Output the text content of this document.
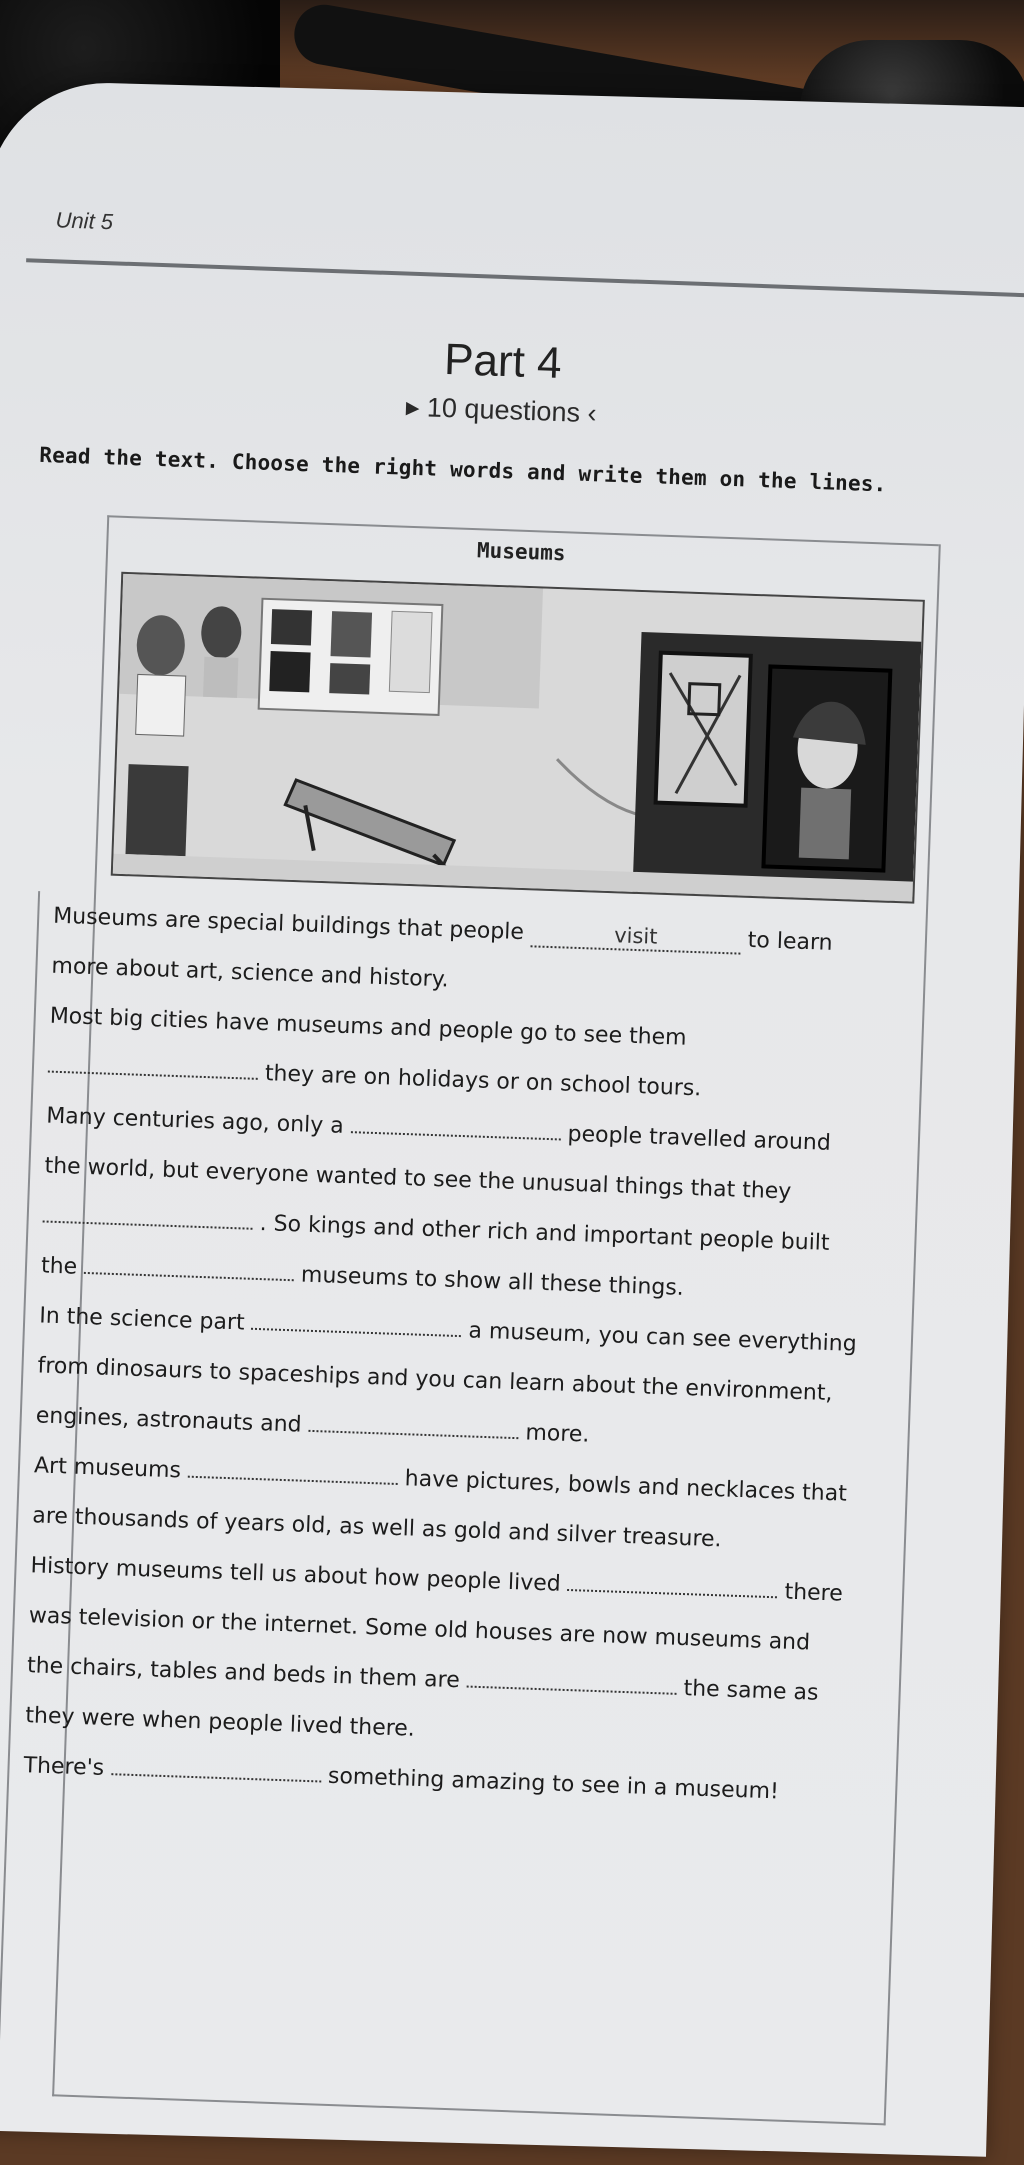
Unit 5
Part 4
▸ 10 questions ‹
Read the text. Choose the right words and write them on the lines.
Museums
Museums are special buildings that people	visit	to learn
more about art, science and history.
Most big cities have museums and people go to see them
they are on holidays or on school tours.
Many centuries ago, only a	people travelled around
the world, but everyone wanted to see the unusual things that they
. So kings and other rich and important people built
the	museums to show all these things.
In the science part	a museum, you can see everything
from dinosaurs to spaceships and you can learn about the environment,
engines, astronauts and	more.
Art museums	have pictures, bowls and necklaces that
are thousands of years old, as well as gold and silver treasure.
History museums tell us about how people lived	there
was television or the internet. Some old houses are now museums and
the chairs, tables and beds in them are	the same as
they were when people lived there.
There's	something amazing to see in a museum!
